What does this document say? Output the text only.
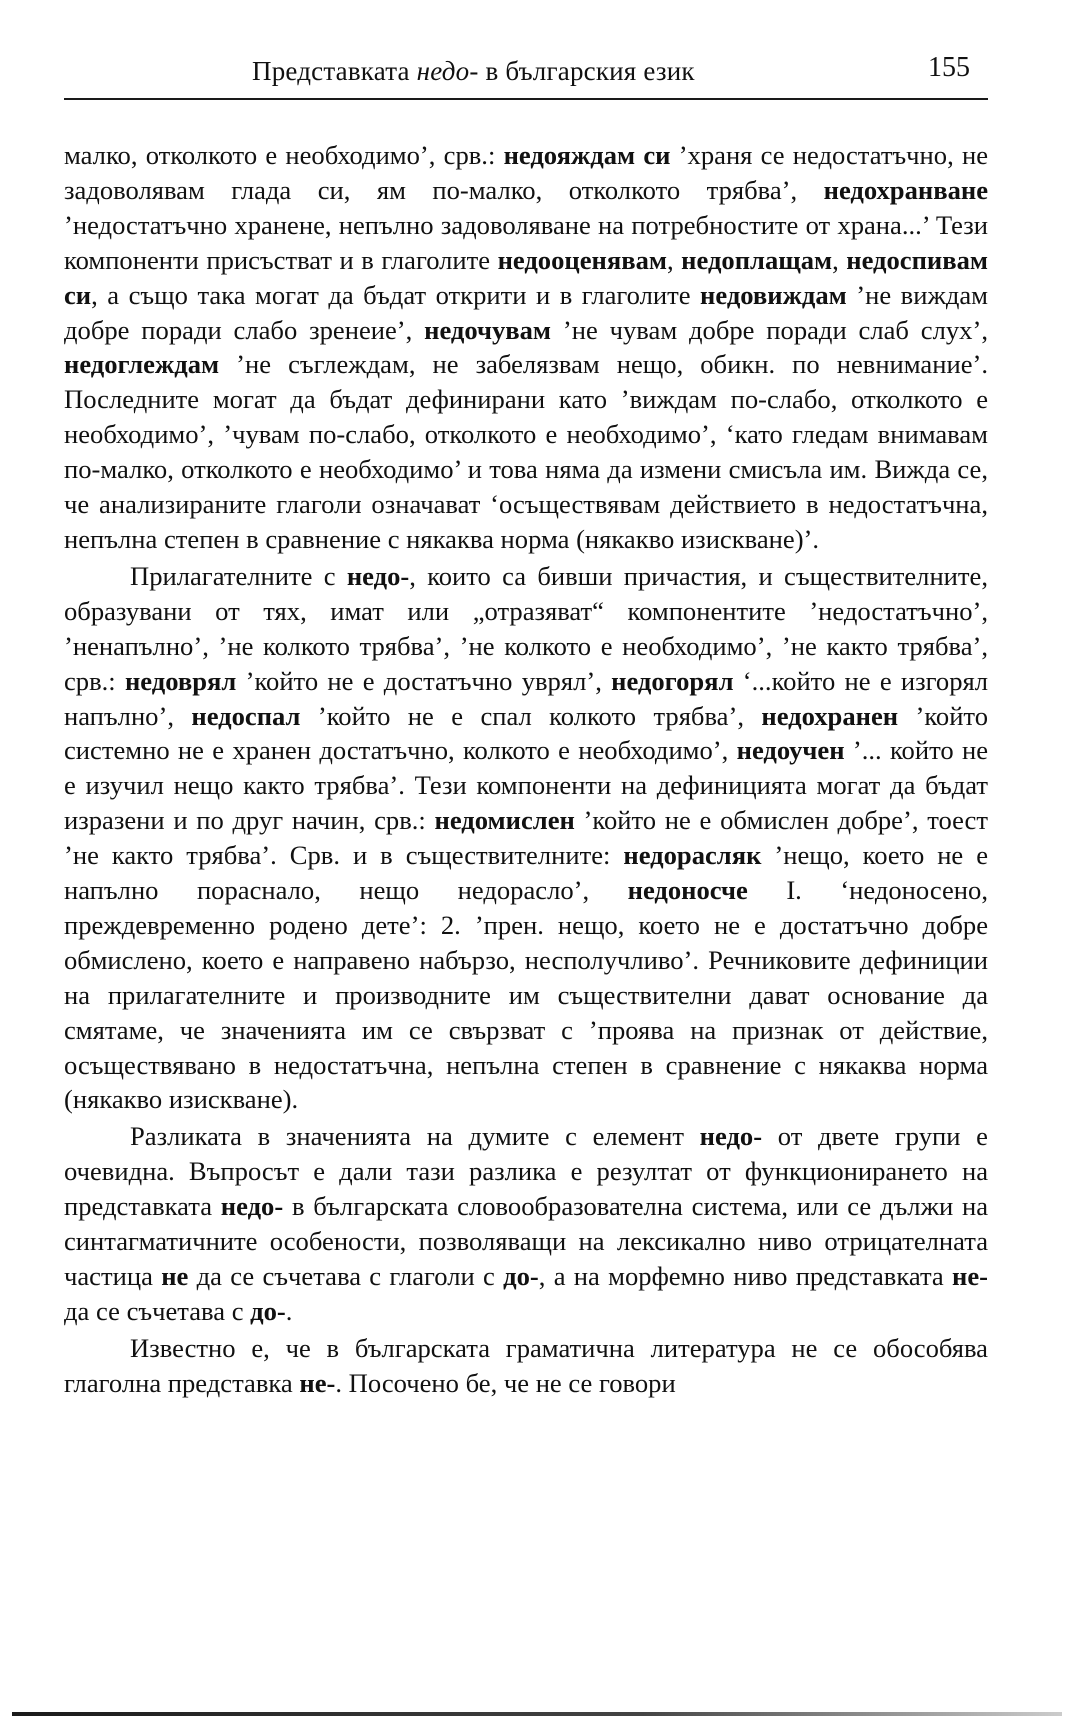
Представката недо- в българския език	155

малко, отколкото е необходимо’, срв.: недояждам си ’храня се недостатъчно, не задоволявам глада си, ям по-малко, отколкото трябва’, недохранване ’недостатъчно хранене, непълно задоволяване на потребностите от храна...’ Тези компоненти присъстват и в глаголите недооценявам, недоплащам, недоспивам си, а също така могат да бъдат открити и в глаголите недовиждам ’не виждам добре поради слабо зренеие’, недочувам ’не чувам добре поради слаб слух’, недоглеждам ’не съглеждам, не забелязвам нещо, обикн. по невнимание’. Последните могат да бъдат дефинирани като ’виждам по-слабо, отколкото е необходимо’, ’чувам по-слабо, отколкото е необходимо’, ‘като гледам внимавам по-малко, отколкото е необходимо’ и това няма да измени смисъла им. Вижда се, че анализираните глаголи означават ‘осъществявам действието в недостатъчна, непълна степен в сравнение с някаква норма (някакво изискване)’.

Прилагателните с недо-, които са бивши причастия, и съществителните, образувани от тях, имат или „отразяват“ компонентите ’недостатъчно’, ’ненапълно’, ’не колкото трябва’, ’не колкото е необходимо’, ’не както трябва’, срв.: недоврял ’който не е достатъчно уврял’, недогорял ‘...който не е изгорял напълно’, недоспал ’който не е спал колкото трябва’, недохранен ’който системно не е хранен достатъчно, колкото е необходимо’, недоучен ’... който не е изучил нещо както трябва’. Тези компоненти на дефиницията могат да бъдат изразени и по друг начин, срв.: недомислен ’който не е обмислен добре’, тоест ’не както трябва’. Срв. и в съществителните: недорасляк ’нещо, което не е напълно пораснало, нещо недорасло’, недоносче I. ‘недоносено, преждевременно родено дете’: 2. ’прен. нещо, което не е достатъчно добре обмислено, което е направено набързо, несполучливо’. Речниковите дефиниции на прилагателните и производните им съществителни дават основание да смятаме, че значенията им се свързват с ’проява на признак от действие, осъществявано в недостатъчна, непълна степен в сравнение с някаква норма (някакво изискване).

Разликата в значенията на думите с елемент недо- от двете групи е очевидна. Въпросът е дали тази разлика е резултат от функционирането на представката недо- в българската словообразователна система, или се дължи на синтагматичните особености, позволяващи на лексикално ниво отрицателната частица не да се съчетава с глаголи с до-, а на морфемно ниво представката не- да се съчетава с до-.

Известно е, че в българската граматична литература не се обособява глаголна представка не-. Посочено бе, че не се говори
